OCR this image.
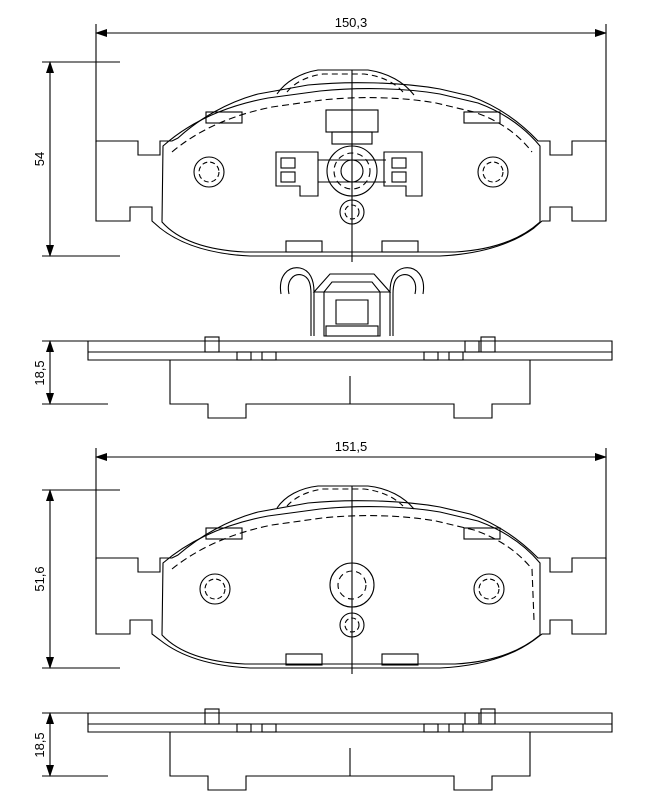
150,3
54
18,5
151,5
51,6
18,5
